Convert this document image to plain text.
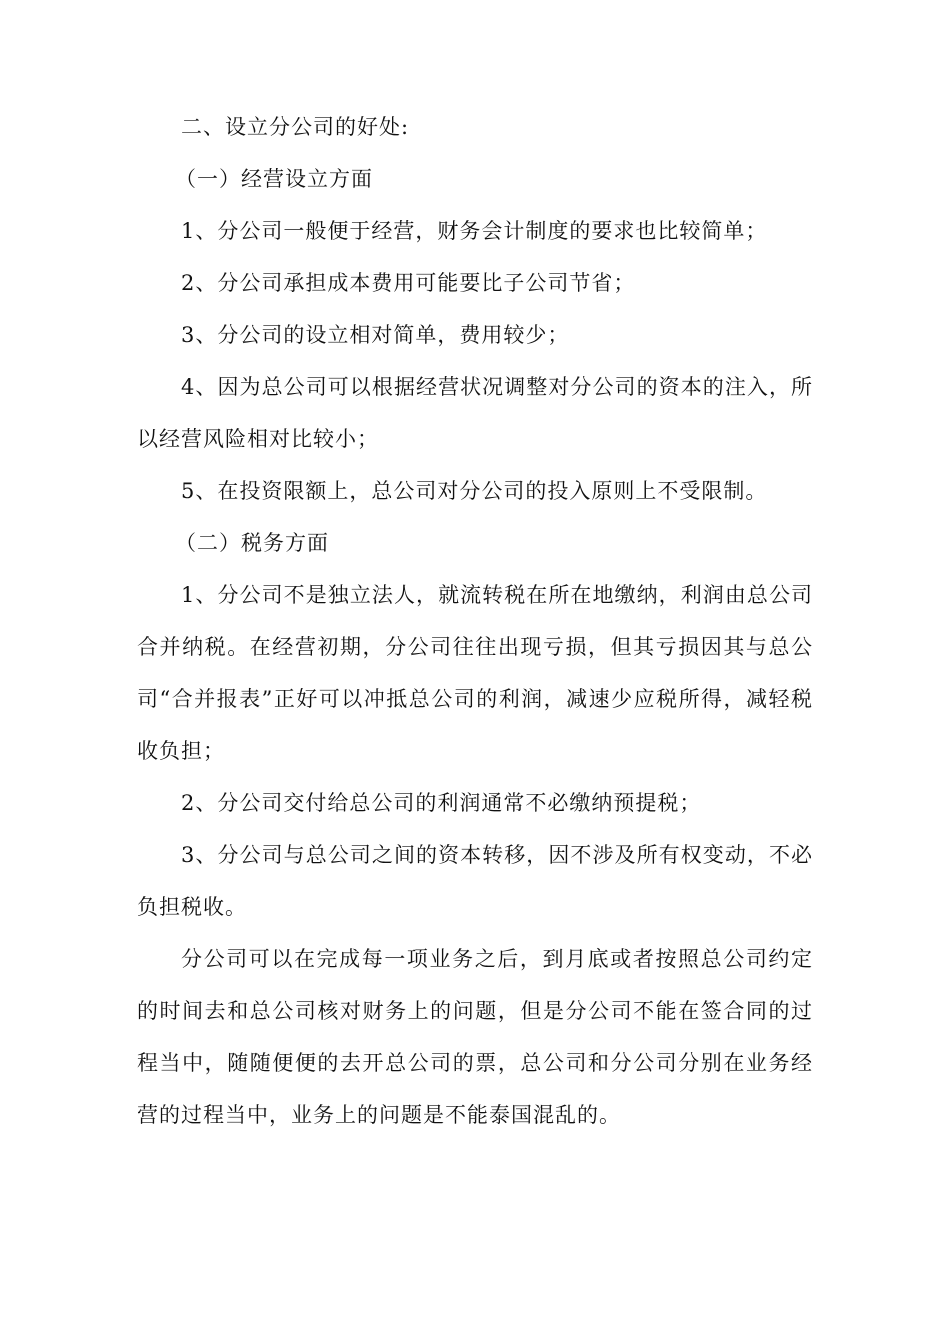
二、设立分公司的好处:

（一）经营设立方面

1、分公司一般便于经营，财务会计制度的要求也比较简单；

2、分公司承担成本费用可能要比子公司节省；

3、分公司的设立相对简单，费用较少；

4、因为总公司可以根据经营状况调整对分公司的资本的注入，所以经营风险相对比较小；

5、在投资限额上，总公司对分公司的投入原则上不受限制。

（二）税务方面

1、分公司不是独立法人，就流转税在所在地缴纳，利润由总公司合并纳税。在经营初期，分公司往往出现亏损，但其亏损因其与总公司“合并报表”正好可以冲抵总公司的利润，减速少应税所得，减轻税收负担；

2、分公司交付给总公司的利润通常不必缴纳预提税；

3、分公司与总公司之间的资本转移，因不涉及所有权变动，不必负担税收。

分公司可以在完成每一项业务之后，到月底或者按照总公司约定的时间去和总公司核对财务上的问题，但是分公司不能在签合同的过程当中，随随便便的去开总公司的票，总公司和分公司分别在业务经营的过程当中，业务上的问题是不能泰国混乱的。
